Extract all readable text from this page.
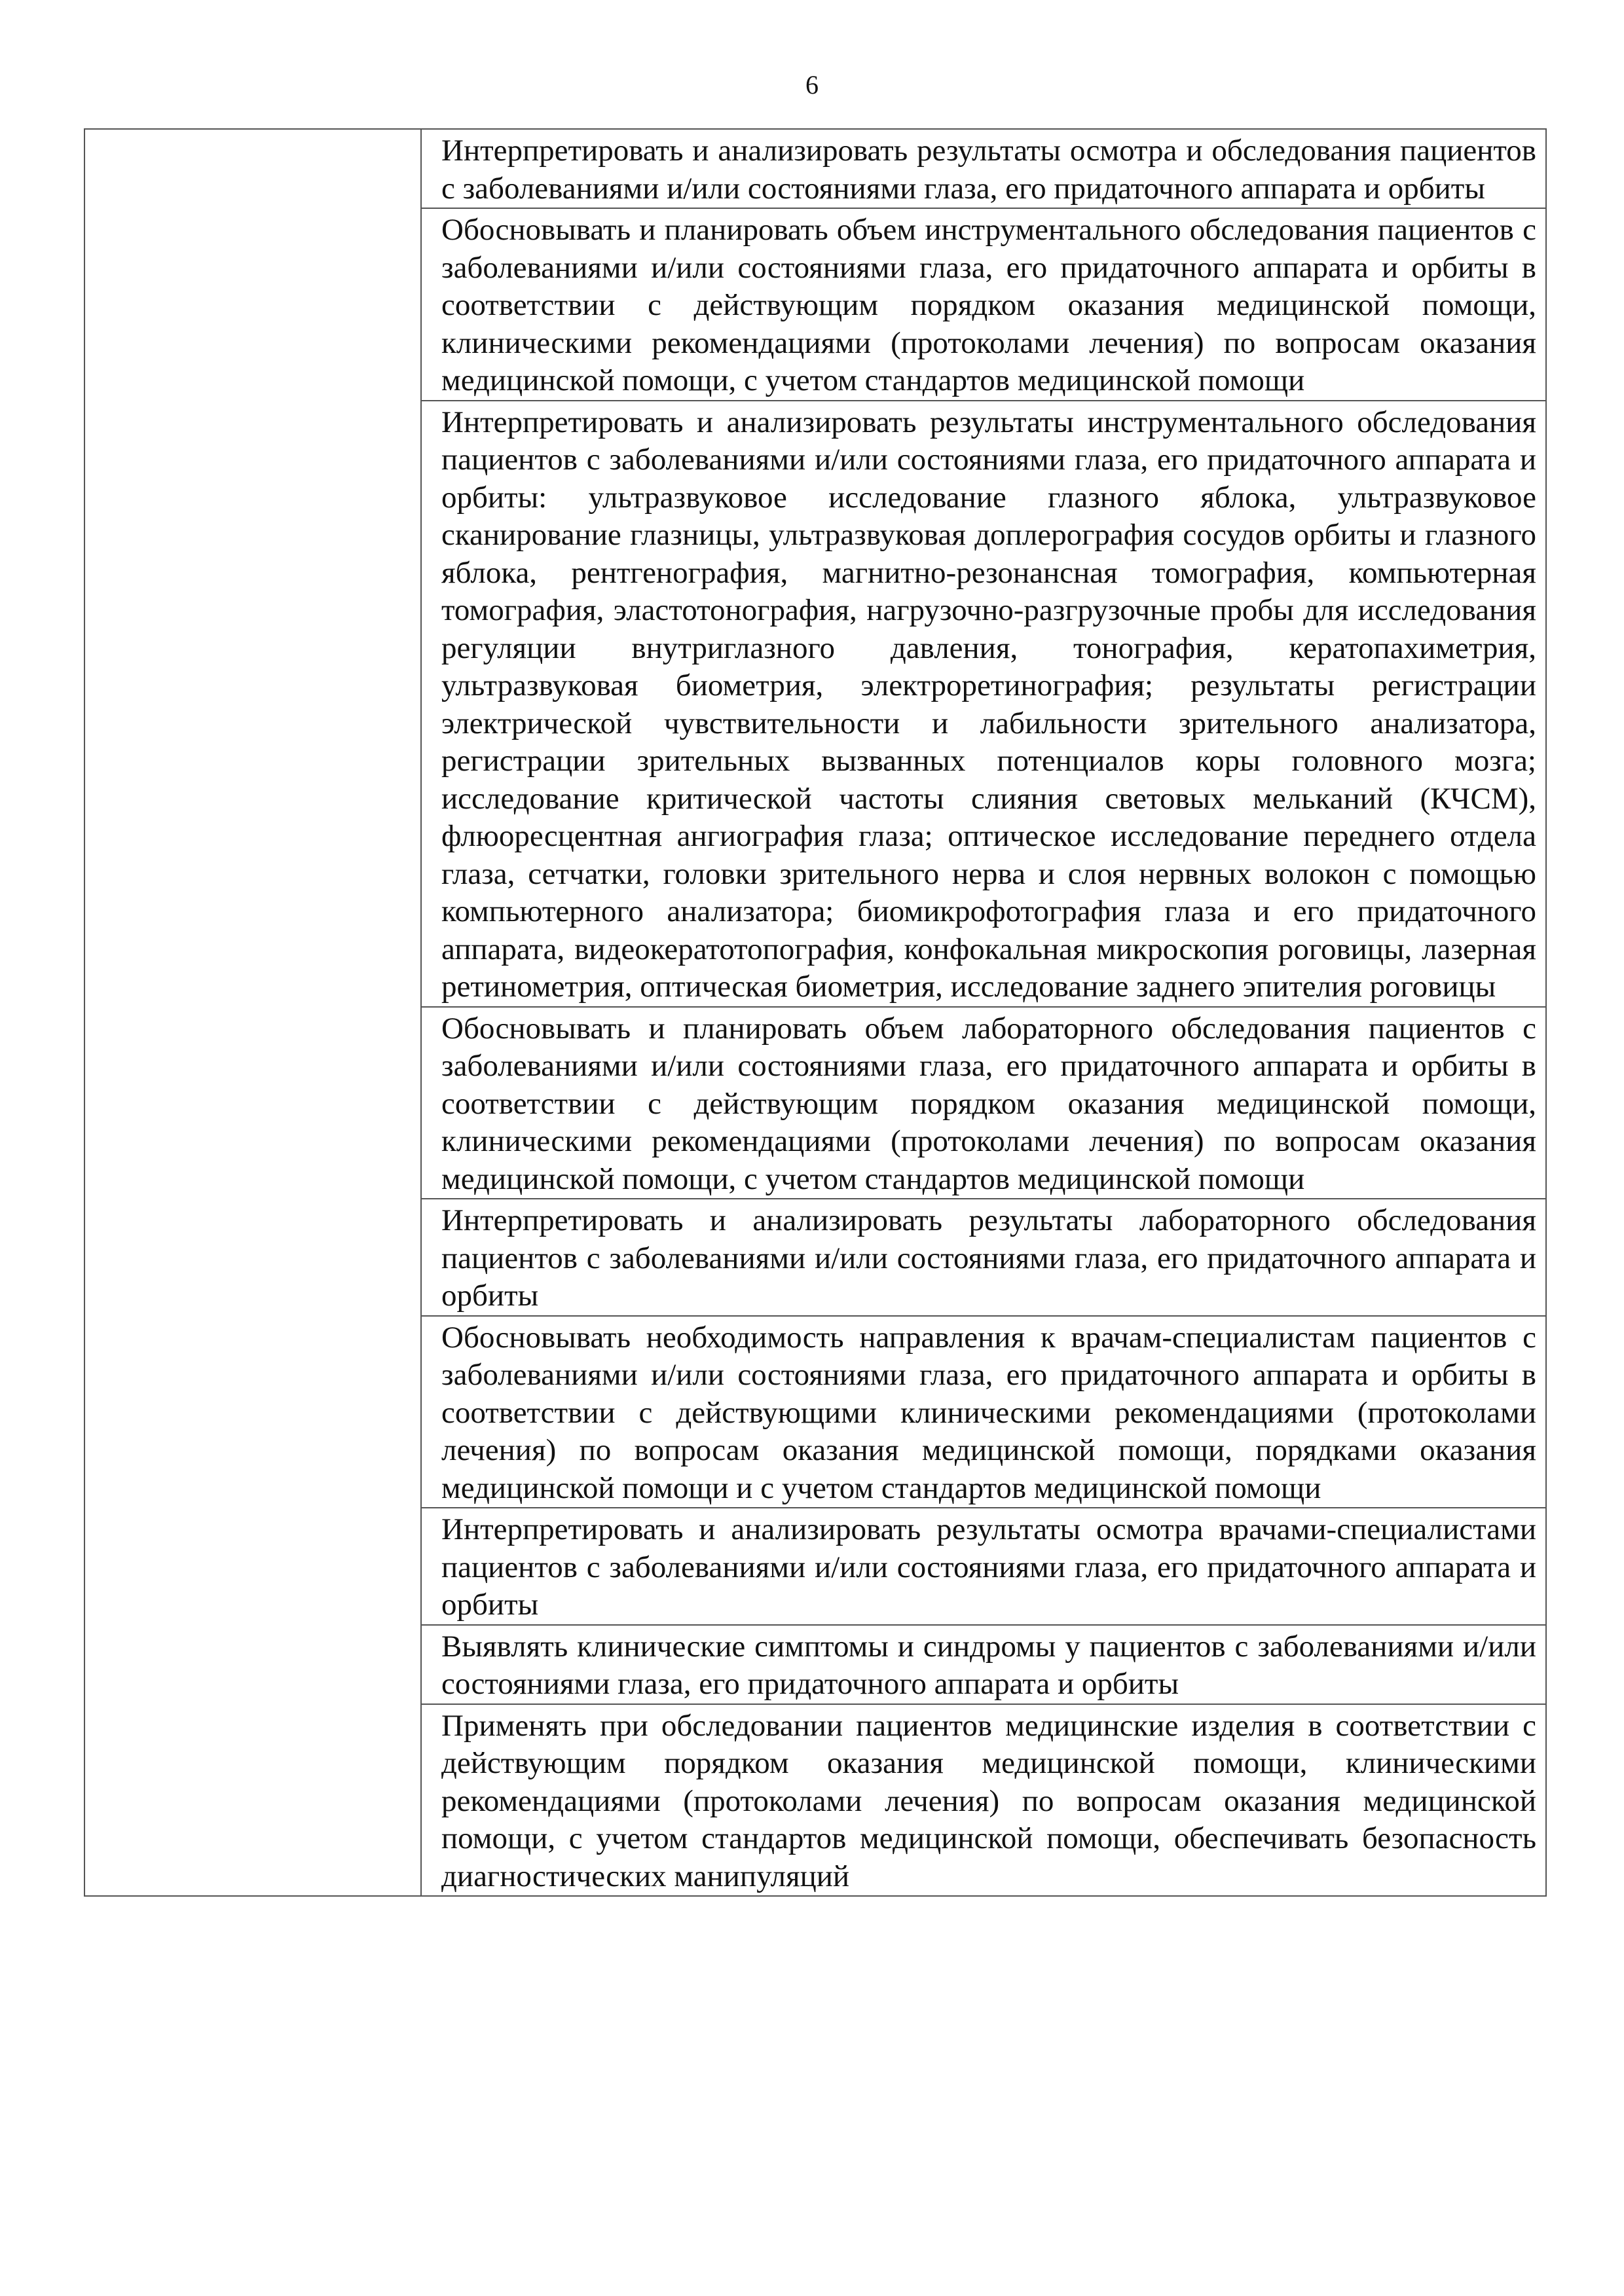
6

Интерпретировать и анализировать результаты осмотра и обследования пациентов с заболеваниями и/или состояниями глаза, его придаточного аппарата и орбиты

Обосновывать и планировать объем инструментального обследования пациентов с заболеваниями и/или состояниями глаза, его придаточного аппарата и орбиты в соответствии с действующим порядком оказания медицинской помощи, клиническими рекомендациями (протоколами лечения) по вопросам оказания медицинской помощи, с учетом стандартов медицинской помощи

Интерпретировать и анализировать результаты инструментального обследования пациентов с заболеваниями и/или состояниями глаза, его придаточного аппарата и орбиты: ультразвуковое исследование глазного яблока, ультразвуковое сканирование глазницы, ультразвуковая доплерография сосудов орбиты и глазного яблока, рентгенография, магнитно-резонансная томография, компьютерная томография, эластотонография, нагрузочно-разгрузочные пробы для исследования регуляции внутриглазного давления, тонография, кератопахиметрия, ультразвуковая биометрия, электроретинография; результаты регистрации электрической чувствительности и лабильности зрительного анализатора, регистрации зрительных вызванных потенциалов коры головного мозга; исследование критической частоты слияния световых мельканий (КЧСМ), флюоресцентная ангиография глаза; оптическое исследование переднего отдела глаза, сетчатки, головки зрительного нерва и слоя нервных волокон с помощью компьютерного анализатора; биомикрофотография глаза и его придаточного аппарата, видеокератотопография, конфокальная микроскопия роговицы, лазерная ретинометрия, оптическая биометрия, исследование заднего эпителия роговицы

Обосновывать и планировать объем лабораторного обследования пациентов с заболеваниями и/или состояниями глаза, его придаточного аппарата и орбиты в соответствии с действующим порядком оказания медицинской помощи, клиническими рекомендациями (протоколами лечения) по вопросам оказания медицинской помощи, с учетом стандартов медицинской помощи

Интерпретировать и анализировать результаты лабораторного обследования пациентов с заболеваниями и/или состояниями глаза, его придаточного аппарата и орбиты

Обосновывать необходимость направления к врачам-специалистам пациентов с заболеваниями и/или состояниями глаза, его придаточного аппарата и орбиты в соответствии с действующими клиническими рекомендациями (протоколами лечения) по вопросам оказания медицинской помощи, порядками оказания медицинской помощи и с учетом стандартов медицинской помощи

Интерпретировать и анализировать результаты осмотра врачами-специалистами пациентов с заболеваниями и/или состояниями глаза, его придаточного аппарата и орбиты

Выявлять клинические симптомы и синдромы у пациентов с заболеваниями и/или состояниями глаза, его придаточного аппарата и орбиты

Применять при обследовании пациентов медицинские изделия в соответствии с действующим порядком оказания медицинской помощи, клиническими рекомендациями (протоколами лечения) по вопросам оказания медицинской помощи, с учетом стандартов медицинской помощи, обеспечивать безопасность диагностических манипуляций
